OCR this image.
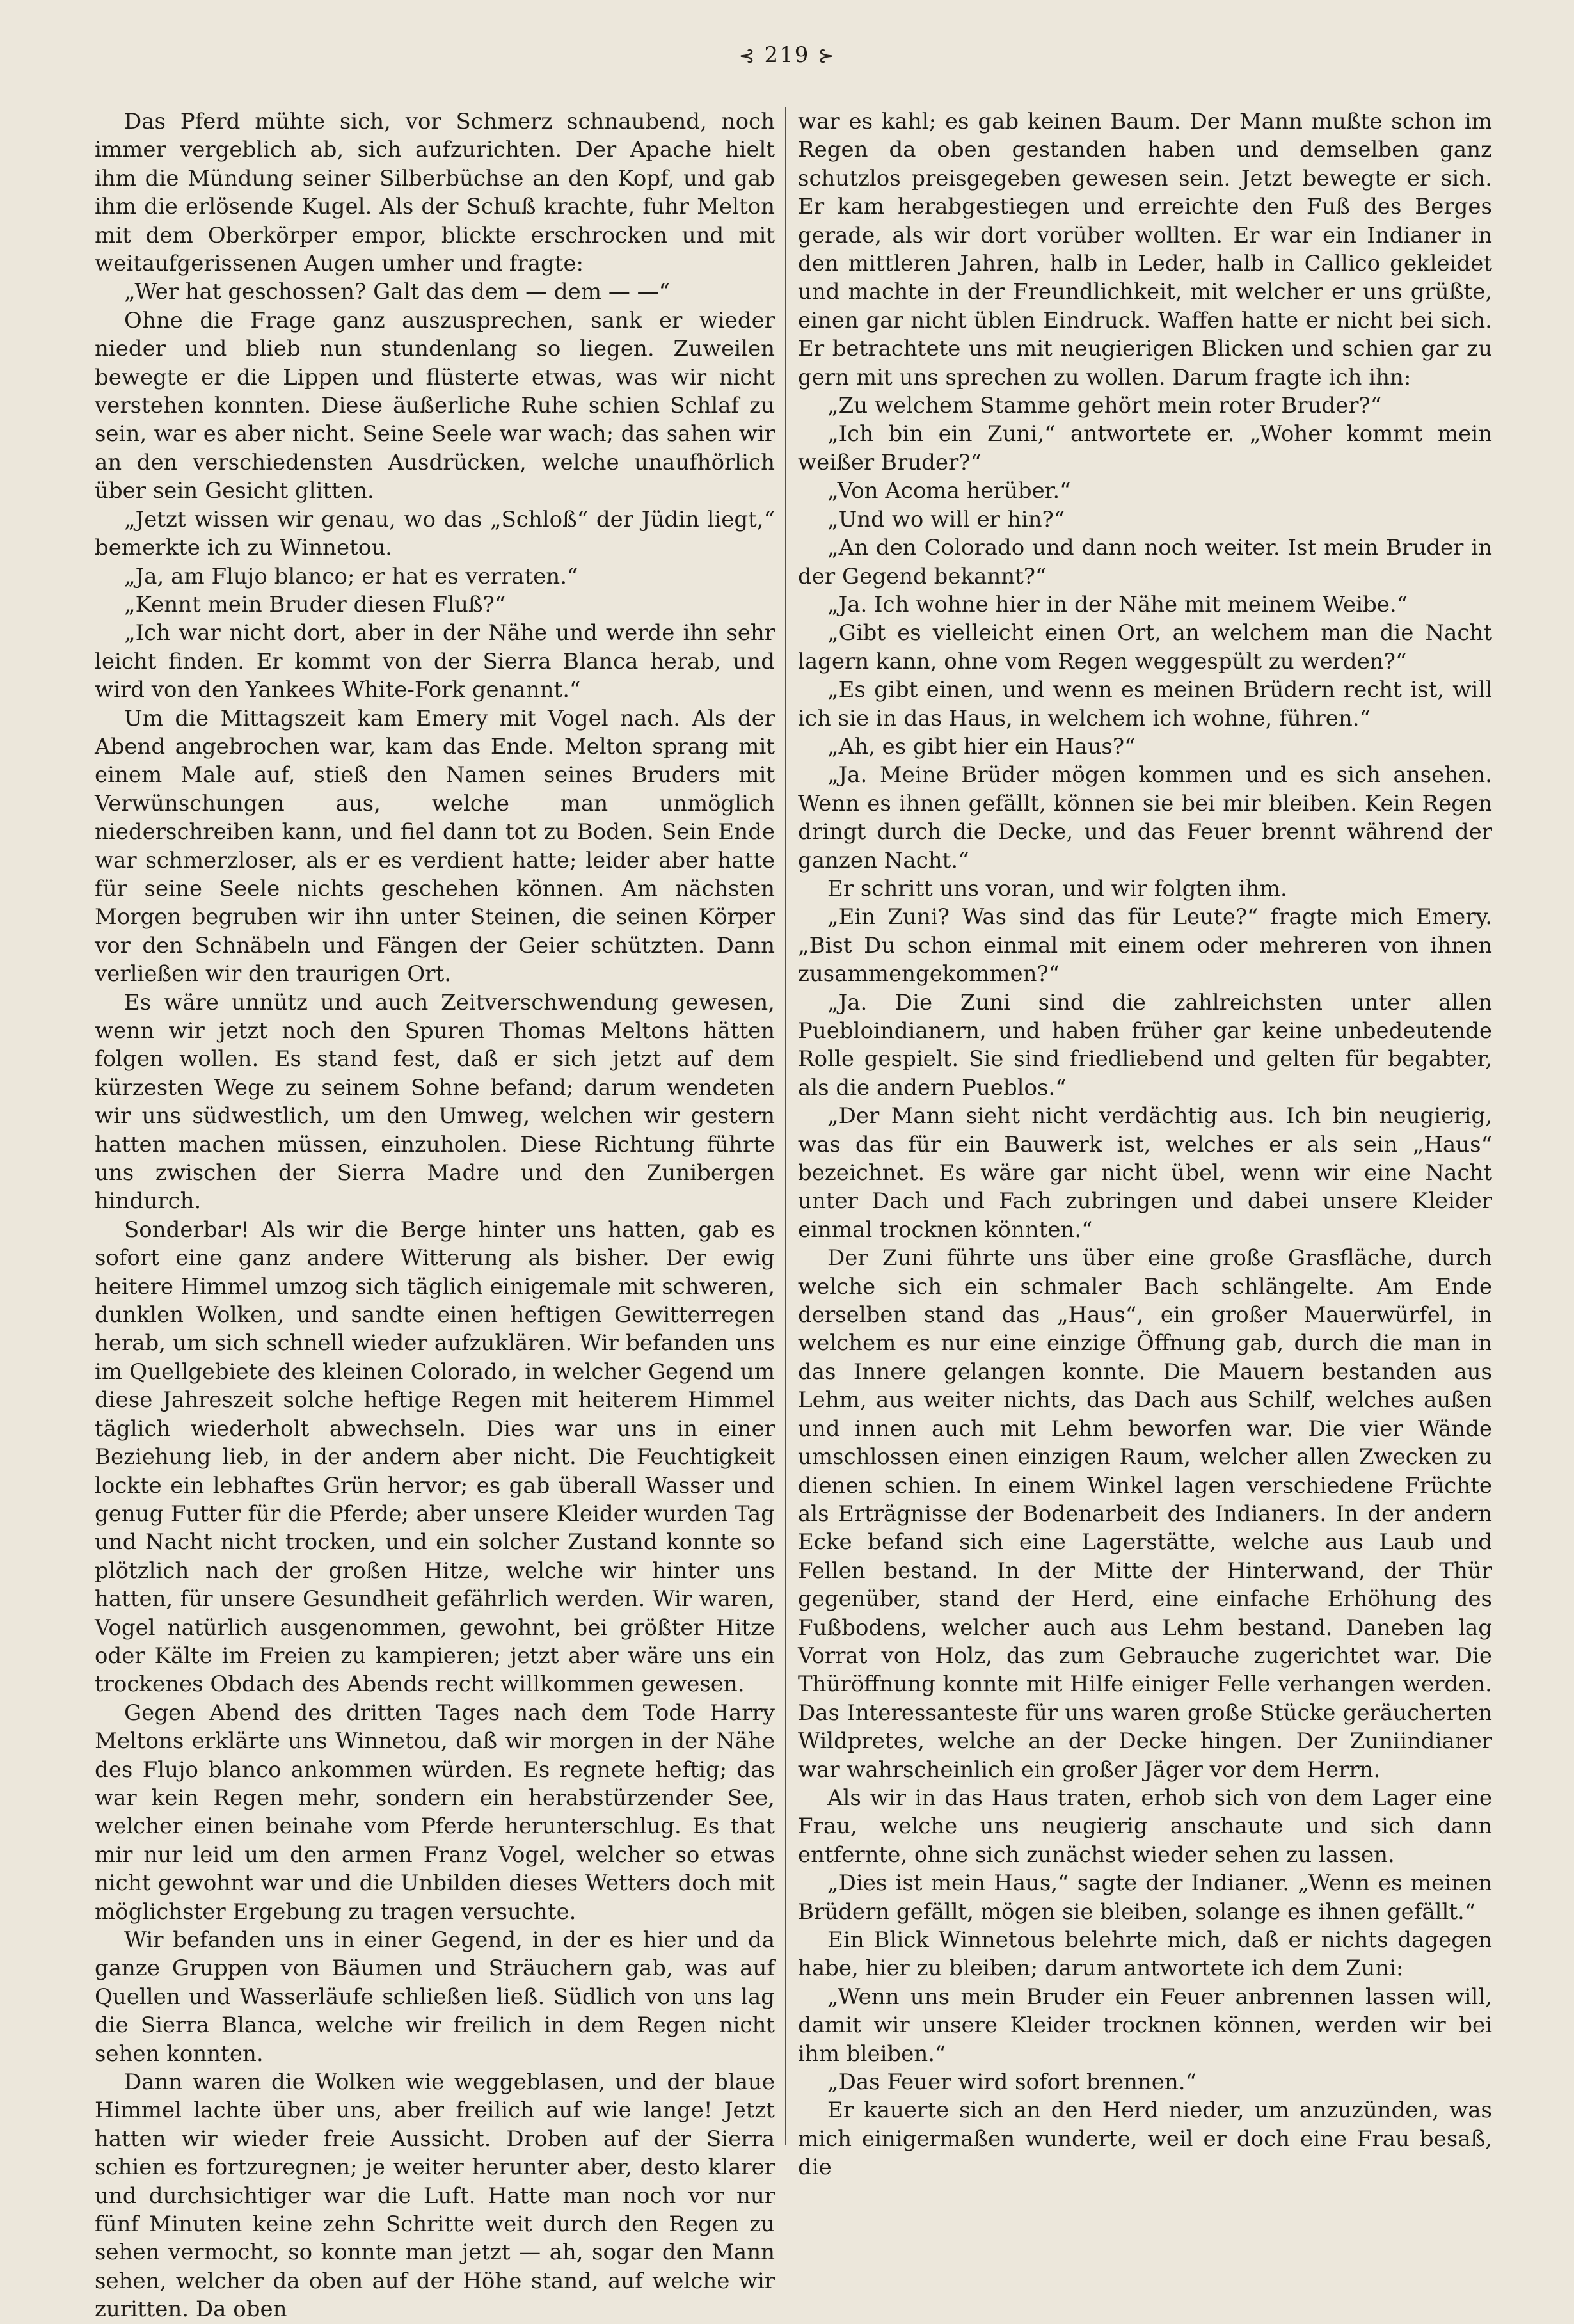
⊰ 219 ⊱

Das Pferd mühte sich, vor Schmerz schnaubend, noch immer vergeblich ab, sich aufzurichten. Der Apache hielt ihm die Mündung seiner Silberbüchse an den Kopf, und gab ihm die erlösende Kugel. Als der Schuß krachte, fuhr Melton mit dem Oberkörper empor, blickte erschrocken und mit weitaufgerissenen Augen umher und fragte:

„Wer hat geschossen? Galt das dem — dem — —“

Ohne die Frage ganz auszusprechen, sank er wieder nieder und blieb nun stundenlang so liegen. Zuweilen bewegte er die Lippen und flüsterte etwas, was wir nicht verstehen konnten. Diese äußerliche Ruhe schien Schlaf zu sein, war es aber nicht. Seine Seele war wach; das sahen wir an den verschiedensten Ausdrücken, welche unaufhörlich über sein Gesicht glitten.

„Jetzt wissen wir genau, wo das „Schloß“ der Jüdin liegt,“ bemerkte ich zu Winnetou.

„Ja, am Flujo blanco; er hat es verraten.“

„Kennt mein Bruder diesen Fluß?“

„Ich war nicht dort, aber in der Nähe und werde ihn sehr leicht finden. Er kommt von der Sierra Blanca herab, und wird von den Yankees White-Fork genannt.“

Um die Mittagszeit kam Emery mit Vogel nach. Als der Abend angebrochen war, kam das Ende. Melton sprang mit einem Male auf, stieß den Namen seines Bruders mit Verwünschungen aus, welche man unmöglich niederschreiben kann, und fiel dann tot zu Boden. Sein Ende war schmerzloser, als er es verdient hatte; leider aber hatte für seine Seele nichts geschehen können. Am nächsten Morgen begruben wir ihn unter Steinen, die seinen Körper vor den Schnäbeln und Fängen der Geier schützten. Dann verließen wir den traurigen Ort.

Es wäre unnütz und auch Zeitverschwendung gewesen, wenn wir jetzt noch den Spuren Thomas Meltons hätten folgen wollen. Es stand fest, daß er sich jetzt auf dem kürzesten Wege zu seinem Sohne befand; darum wendeten wir uns südwestlich, um den Umweg, welchen wir gestern hatten machen müssen, einzuholen. Diese Richtung führte uns zwischen der Sierra Madre und den Zunibergen hindurch.

Sonderbar! Als wir die Berge hinter uns hatten, gab es sofort eine ganz andere Witterung als bisher. Der ewig heitere Himmel umzog sich täglich einigemale mit schweren, dunklen Wolken, und sandte einen heftigen Gewitterregen herab, um sich schnell wieder aufzuklären. Wir befanden uns im Quellgebiete des kleinen Colorado, in welcher Gegend um diese Jahreszeit solche heftige Regen mit heiterem Himmel täglich wiederholt abwechseln. Dies war uns in einer Beziehung lieb, in der andern aber nicht. Die Feuchtigkeit lockte ein lebhaftes Grün hervor; es gab überall Wasser und genug Futter für die Pferde; aber unsere Kleider wurden Tag und Nacht nicht trocken, und ein solcher Zustand konnte so plötzlich nach der großen Hitze, welche wir hinter uns hatten, für unsere Gesundheit gefährlich werden. Wir waren, Vogel natürlich ausgenommen, gewohnt, bei größter Hitze oder Kälte im Freien zu kampieren; jetzt aber wäre uns ein trockenes Obdach des Abends recht willkommen gewesen.

Gegen Abend des dritten Tages nach dem Tode Harry Meltons erklärte uns Winnetou, daß wir morgen in der Nähe des Flujo blanco ankommen würden. Es regnete heftig; das war kein Regen mehr, sondern ein herabstürzender See, welcher einen beinahe vom Pferde herunterschlug. Es that mir nur leid um den armen Franz Vogel, welcher so etwas nicht gewohnt war und die Unbilden dieses Wetters doch mit möglichster Ergebung zu tragen versuchte.

Wir befanden uns in einer Gegend, in der es hier und da ganze Gruppen von Bäumen und Sträuchern gab, was auf Quellen und Wasserläufe schließen ließ. Südlich von uns lag die Sierra Blanca, welche wir freilich in dem Regen nicht sehen konnten.

Dann waren die Wolken wie weggeblasen, und der blaue Himmel lachte über uns, aber freilich auf wie lange! Jetzt hatten wir wieder freie Aussicht. Droben auf der Sierra schien es fortzuregnen; je weiter herunter aber, desto klarer und durchsichtiger war die Luft. Hatte man noch vor nur fünf Minuten keine zehn Schritte weit durch den Regen zu sehen vermocht, so konnte man jetzt — ah, sogar den Mann sehen, welcher da oben auf der Höhe stand, auf welche wir zuritten. Da oben

war es kahl; es gab keinen Baum. Der Mann mußte schon im Regen da oben gestanden haben und demselben ganz schutzlos preisgegeben gewesen sein. Jetzt bewegte er sich. Er kam herabgestiegen und erreichte den Fuß des Berges gerade, als wir dort vorüber wollten. Er war ein Indianer in den mittleren Jahren, halb in Leder, halb in Callico gekleidet und machte in der Freundlichkeit, mit welcher er uns grüßte, einen gar nicht üblen Eindruck. Waffen hatte er nicht bei sich. Er betrachtete uns mit neugierigen Blicken und schien gar zu gern mit uns sprechen zu wollen. Darum fragte ich ihn:

„Zu welchem Stamme gehört mein roter Bruder?“

„Ich bin ein Zuni,“ antwortete er. „Woher kommt mein weißer Bruder?“

„Von Acoma herüber.“

„Und wo will er hin?“

„An den Colorado und dann noch weiter. Ist mein Bruder in der Gegend bekannt?“

„Ja. Ich wohne hier in der Nähe mit meinem Weibe.“

„Gibt es vielleicht einen Ort, an welchem man die Nacht lagern kann, ohne vom Regen weggespült zu werden?“

„Es gibt einen, und wenn es meinen Brüdern recht ist, will ich sie in das Haus, in welchem ich wohne, führen.“

„Ah, es gibt hier ein Haus?“

„Ja. Meine Brüder mögen kommen und es sich ansehen. Wenn es ihnen gefällt, können sie bei mir bleiben. Kein Regen dringt durch die Decke, und das Feuer brennt während der ganzen Nacht.“

Er schritt uns voran, und wir folgten ihm.

„Ein Zuni? Was sind das für Leute?“ fragte mich Emery. „Bist Du schon einmal mit einem oder mehreren von ihnen zusammengekommen?“

„Ja. Die Zuni sind die zahlreichsten unter allen Puebloindianern, und haben früher gar keine unbedeutende Rolle gespielt. Sie sind friedliebend und gelten für begabter, als die andern Pueblos.“

„Der Mann sieht nicht verdächtig aus. Ich bin neugierig, was das für ein Bauwerk ist, welches er als sein „Haus“ bezeichnet. Es wäre gar nicht übel, wenn wir eine Nacht unter Dach und Fach zubringen und dabei unsere Kleider einmal trocknen könnten.“

Der Zuni führte uns über eine große Grasfläche, durch welche sich ein schmaler Bach schlängelte. Am Ende derselben stand das „Haus“, ein großer Mauerwürfel, in welchem es nur eine einzige Öffnung gab, durch die man in das Innere gelangen konnte. Die Mauern bestanden aus Lehm, aus weiter nichts, das Dach aus Schilf, welches außen und innen auch mit Lehm beworfen war. Die vier Wände umschlossen einen einzigen Raum, welcher allen Zwecken zu dienen schien. In einem Winkel lagen verschiedene Früchte als Erträgnisse der Bodenarbeit des Indianers. In der andern Ecke befand sich eine Lagerstätte, welche aus Laub und Fellen bestand. In der Mitte der Hinterwand, der Thür gegenüber, stand der Herd, eine einfache Erhöhung des Fußbodens, welcher auch aus Lehm bestand. Daneben lag Vorrat von Holz, das zum Gebrauche zugerichtet war. Die Thüröffnung konnte mit Hilfe einiger Felle verhangen werden. Das Interessanteste für uns waren große Stücke geräucherten Wildpretes, welche an der Decke hingen. Der Zuniindianer war wahrscheinlich ein großer Jäger vor dem Herrn.

Als wir in das Haus traten, erhob sich von dem Lager eine Frau, welche uns neugierig anschaute und sich dann entfernte, ohne sich zunächst wieder sehen zu lassen.

„Dies ist mein Haus,“ sagte der Indianer. „Wenn es meinen Brüdern gefällt, mögen sie bleiben, solange es ihnen gefällt.“

Ein Blick Winnetous belehrte mich, daß er nichts dagegen habe, hier zu bleiben; darum antwortete ich dem Zuni:

„Wenn uns mein Bruder ein Feuer anbrennen lassen will, damit wir unsere Kleider trocknen können, werden wir bei ihm bleiben.“

„Das Feuer wird sofort brennen.“

Er kauerte sich an den Herd nieder, um anzuzünden, was mich einigermaßen wunderte, weil er doch eine Frau besaß, die
